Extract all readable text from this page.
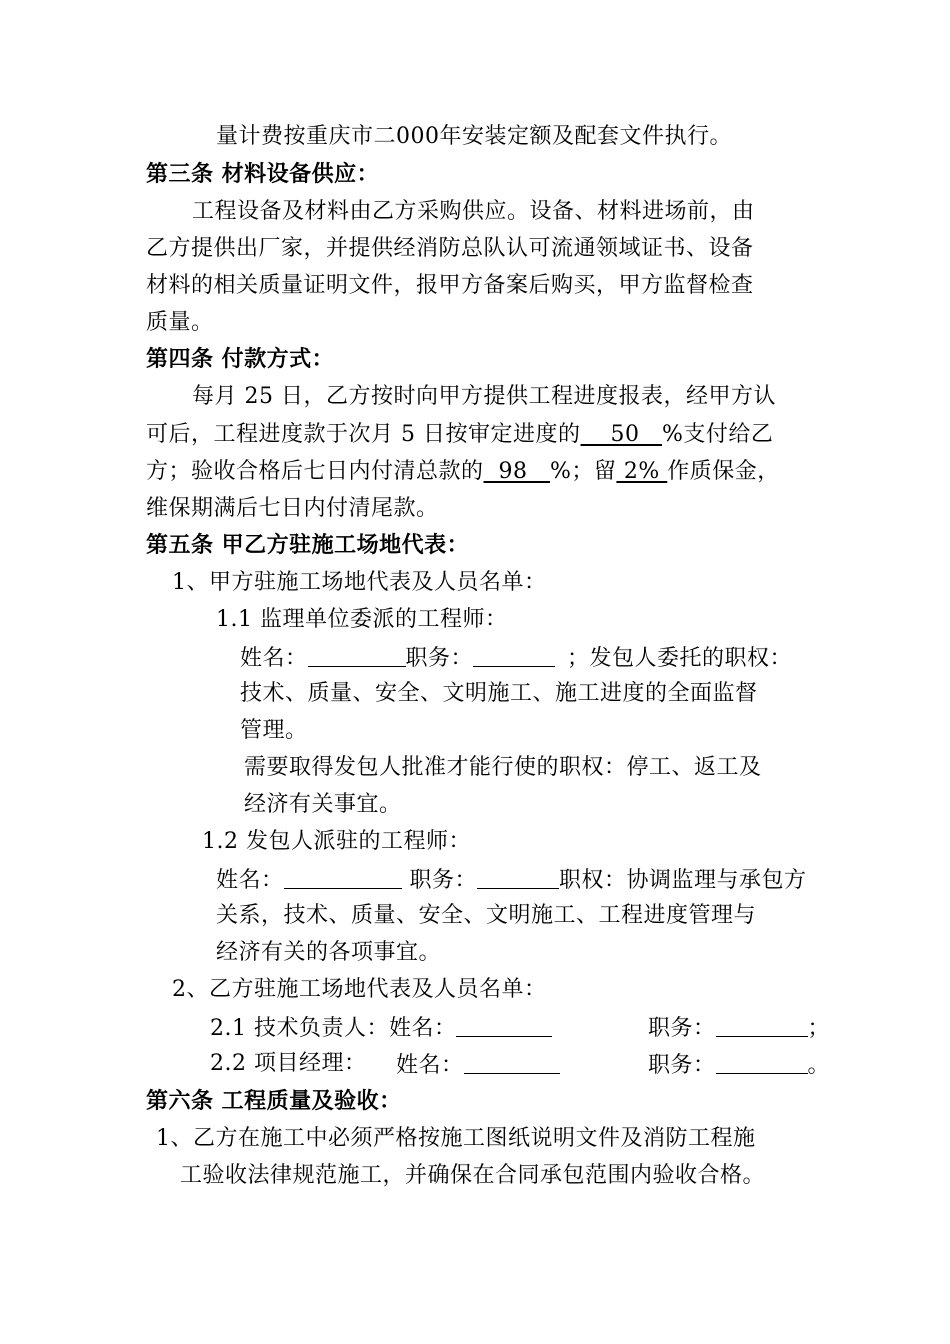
量计费按重庆市二000年安装定额及配套文件执行。
第三条 材料设备供应：
工程设备及材料由乙方采购供应。设备、材料进场前，由
乙方提供出厂家，并提供经消防总队认可流通领域证书、设备
材料的相关质量证明文件，报甲方备案后购买，甲方监督检查
质量。
第四条 付款方式：
每月 25 日，乙方按时向甲方提供工程进度报表，经甲方认
可后，工程进度款于次月 5 日按审定进度的    50   %支付给乙
方；验收合格后七日内付清总款的  98   %；留 2% 作质保金，
维保期满后七日内付清尾款。
第五条 甲乙方驻施工场地代表：
1、甲方驻施工场地代表及人员名单：
1.1 监理单位委派的工程师：
姓名：	职务：	；发包人委托的职权：
技术、质量、安全、文明施工、施工进度的全面监督
管理。
需要取得发包人批准才能行使的职权：停工、返工及
经济有关事宜。
1.2 发包人派驻的工程师：
姓名：	职务：	职权：协调监理与承包方
关系，技术、质量、安全、文明施工、工程进度管理与
经济有关的各项事宜。
2、乙方驻施工场地代表及人员名单：
2.1 技术负责人：姓名：	职务：	；
2.2 项目经理： 姓名：	职务：	。
第六条 工程质量及验收：
1、乙方在施工中必须严格按施工图纸说明文件及消防工程施
工验收法律规范施工，并确保在合同承包范围内验收合格。
